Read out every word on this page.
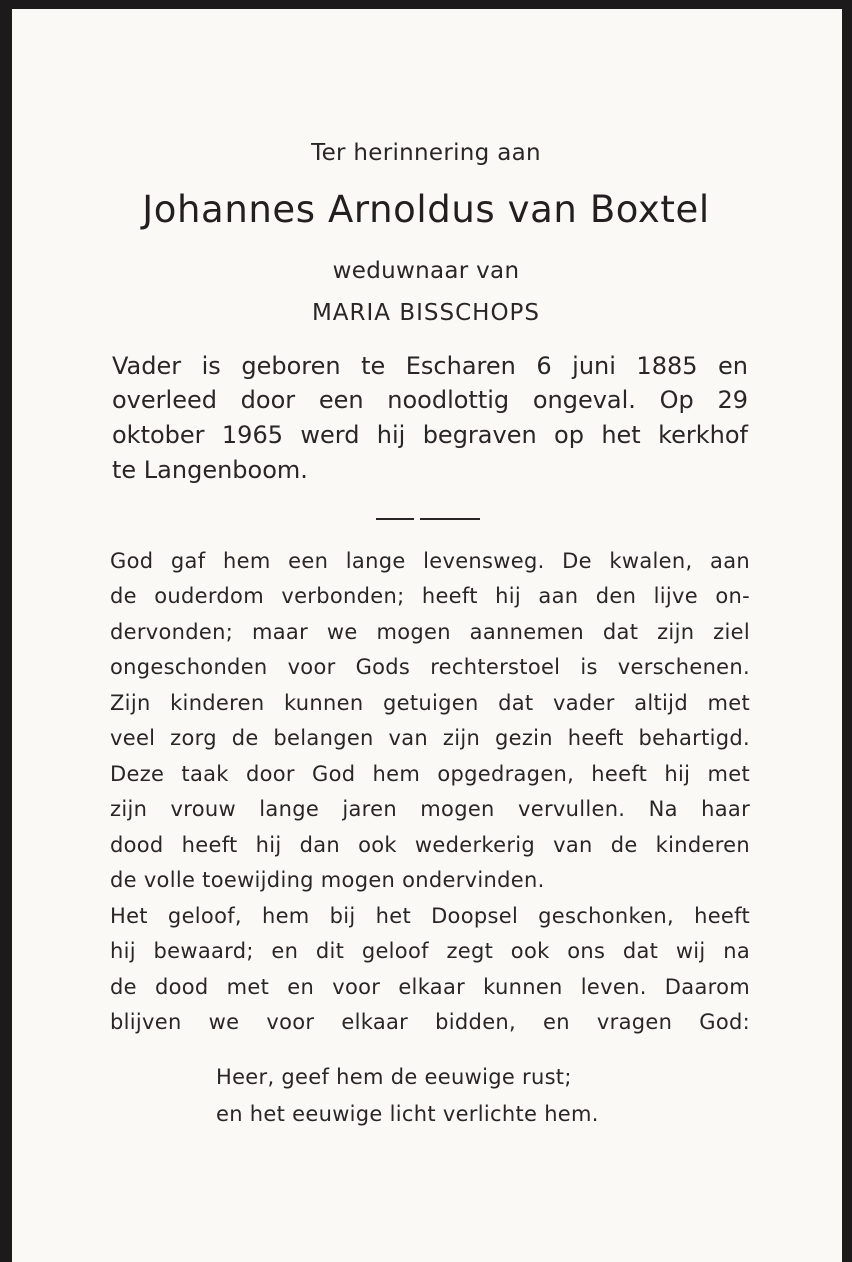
Ter herinnering aan
Johannes Arnoldus van Boxtel
weduwnaar van
MARIA BISSCHOPS
Vader is geboren te Escharen 6 juni 1885 en
overleed door een noodlottig ongeval. Op 29
oktober 1965 werd hij begraven op het kerkhof
te Langenboom.
God gaf hem een lange levensweg. De kwalen, aan
de ouderdom verbonden; heeft hij aan den lijve on-
dervonden; maar we mogen aannemen dat zijn ziel
ongeschonden voor Gods rechterstoel is verschenen.
Zijn kinderen kunnen getuigen dat vader altijd met
veel zorg de belangen van zijn gezin heeft behartigd.
Deze taak door God hem opgedragen, heeft hij met
zijn vrouw lange jaren mogen vervullen. Na haar
dood heeft hij dan ook wederkerig van de kinderen
de volle toewijding mogen ondervinden.
Het geloof, hem bij het Doopsel geschonken, heeft
hij bewaard; en dit geloof zegt ook ons dat wij na
de dood met en voor elkaar kunnen leven. Daarom
blijven we voor elkaar bidden, en vragen God:
Heer, geef hem de eeuwige rust;
en het eeuwige licht verlichte hem.
